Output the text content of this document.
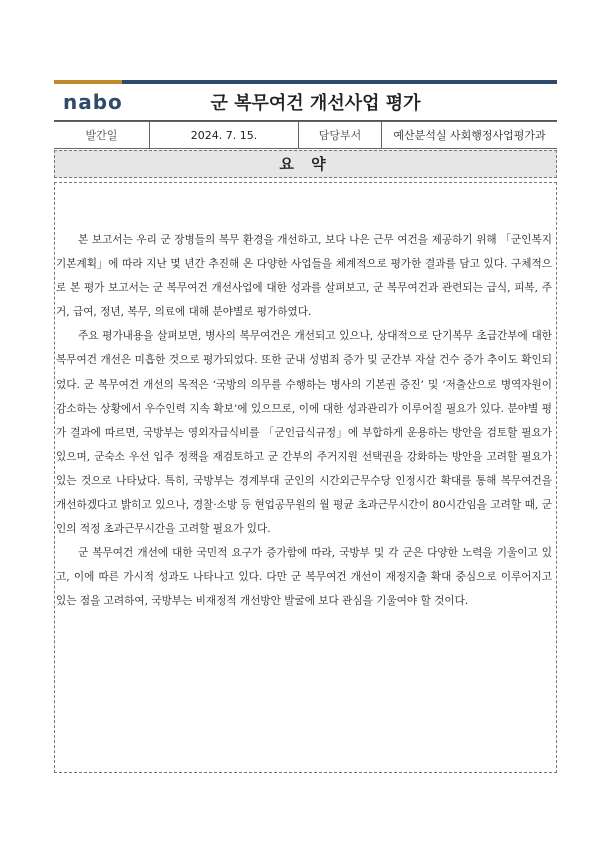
nabo	군 복무여건 개선사업 평가
발간일	2024. 7. 15.	담당부서	예산분석실 사회행정사업평가과
요 약

본 보고서는 우리 군 장병들의 복무 환경을 개선하고, 보다 나은 근무 여건을 제공하기 위해 「군인복지기본계획」에 따라 지난 몇 년간 추진해 온 다양한 사업들을 체계적으로 평가한 결과를 담고 있다. 구체적으로 본 평가 보고서는 군 복무여건 개선사업에 대한 성과를 살펴보고, 군 복무여건과 관련되는 급식, 피복, 주거, 급여, 정년, 복무, 의료에 대해 분야별로 평가하였다.

주요 평가내용을 살펴보면, 병사의 복무여건은 개선되고 있으나, 상대적으로 단기복무 초급간부에 대한 복무여건 개선은 미흡한 것으로 평가되었다. 또한 군내 성범죄 증가 및 군간부 자살 건수 증가 추이도 확인되었다. 군 복무여건 개선의 목적은 ‘국방의 의무를 수행하는 병사의 기본권 증진’ 및 ‘저출산으로 병역자원이 감소하는 상황에서 우수인력 지속 확보’에 있으므로, 이에 대한 성과관리가 이루어질 필요가 있다. 분야별 평가 결과에 따르면, 국방부는 영외자급식비를 「군인급식규정」에 부합하게 운용하는 방안을 검토할 필요가 있으며, 군숙소 우선 입주 정책을 재검토하고 군 간부의 주거지원 선택권을 강화하는 방안을 고려할 필요가 있는 것으로 나타났다. 특히, 국방부는 경계부대 군인의 시간외근무수당 인정시간 확대를 통해 복무여건을 개선하겠다고 밝히고 있으나, 경찰·소방 등 현업공무원의 월 평균 초과근무시간이 80시간임을 고려할 때, 군인의 적정 초과근무시간을 고려할 필요가 있다.

군 복무여건 개선에 대한 국민적 요구가 증가함에 따라, 국방부 및 각 군은 다양한 노력을 기울이고 있고, 이에 따른 가시적 성과도 나타나고 있다. 다만 군 복무여건 개선이 재정지출 확대 중심으로 이루어지고 있는 점을 고려하여, 국방부는 비재정적 개선방안 발굴에 보다 관심을 기울여야 할 것이다.
